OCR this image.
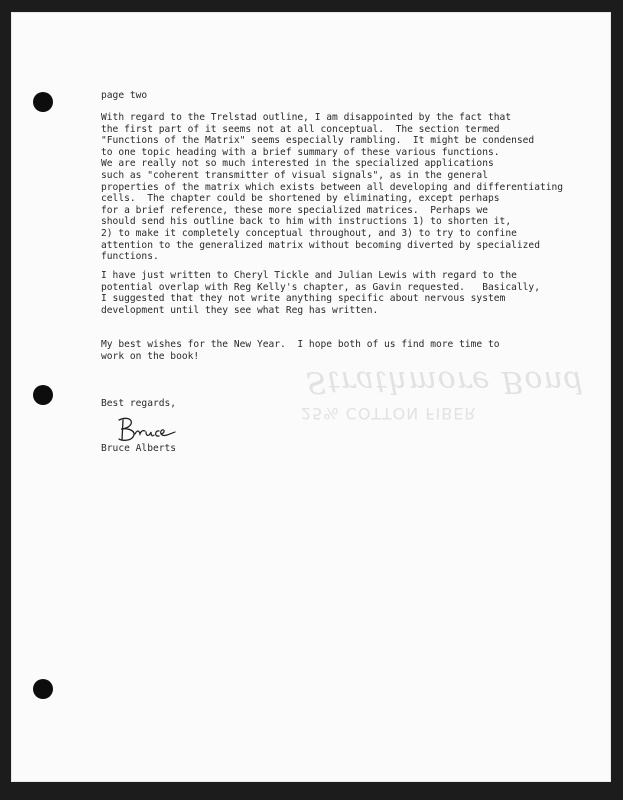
Strathmore Bond
25% COTTON FIBER
page two
With regard to the Trelstad outline, I am disappointed by the fact that
the first part of it seems not at all conceptual.  The section termed
"Functions of the Matrix" seems especially rambling.  It might be condensed
to one topic heading with a brief summary of these various functions.
We are really not so much interested in the specialized applications
such as "coherent transmitter of visual signals", as in the general
properties of the matrix which exists between all developing and differentiating
cells.  The chapter could be shortened by eliminating, except perhaps
for a brief reference, these more specialized matrices.  Perhaps we
should send his outline back to him with instructions 1) to shorten it,
2) to make it completely conceptual throughout, and 3) to try to confine
attention to the generalized matrix without becoming diverted by specialized
functions.
I have just written to Cheryl Tickle and Julian Lewis with regard to the
potential overlap with Reg Kelly's chapter, as Gavin requested.   Basically,
I suggested that they not write anything specific about nervous system
development until they see what Reg has written.
My best wishes for the New Year.  I hope both of us find more time to
work on the book!
Best regards,
Bruce Alberts
